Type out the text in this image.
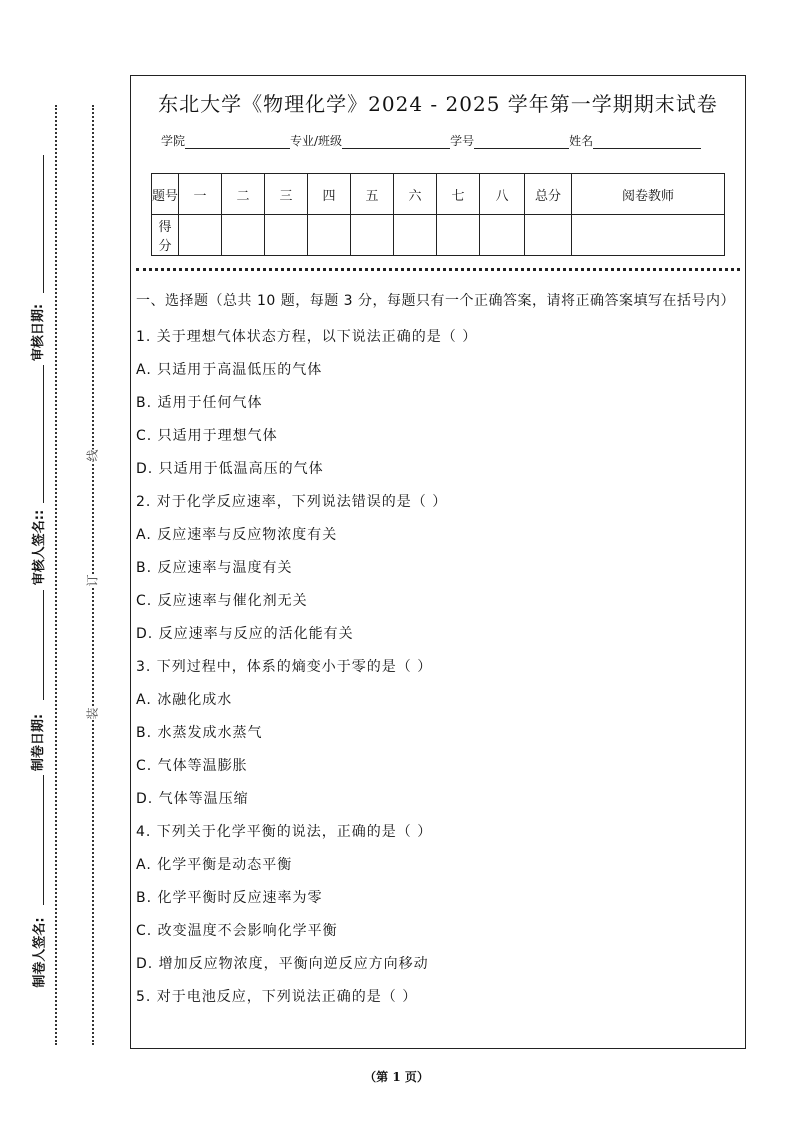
审核日期:
审核人签名::
制卷日期:
制卷人签名:
线
订
装
东北大学《物理化学》2024 - 2025 学年第一学期期末试卷
学院	专业/班级	学号	姓名
题号	一	二	三	四	五	六	七	八	总分	阅卷教师
得分										
一、选择题（总共 10 题，每题 3 分，每题只有一个正确答案，请将正确答案填写在括号内）
1. 关于理想气体状态方程，以下说法正确的是（ ）
A. 只适用于高温低压的气体
B. 适用于任何气体
C. 只适用于理想气体
D. 只适用于低温高压的气体
2. 对于化学反应速率，下列说法错误的是（ ）
A. 反应速率与反应物浓度有关
B. 反应速率与温度有关
C. 反应速率与催化剂无关
D. 反应速率与反应的活化能有关
3. 下列过程中，体系的熵变小于零的是（ ）
A. 冰融化成水
B. 水蒸发成水蒸气
C. 气体等温膨胀
D. 气体等温压缩
4. 下列关于化学平衡的说法，正确的是（ ）
A. 化学平衡是动态平衡
B. 化学平衡时反应速率为零
C. 改变温度不会影响化学平衡
D. 增加反应物浓度，平衡向逆反应方向移动
5. 对于电池反应，下列说法正确的是（ ）
（第 1 页）
